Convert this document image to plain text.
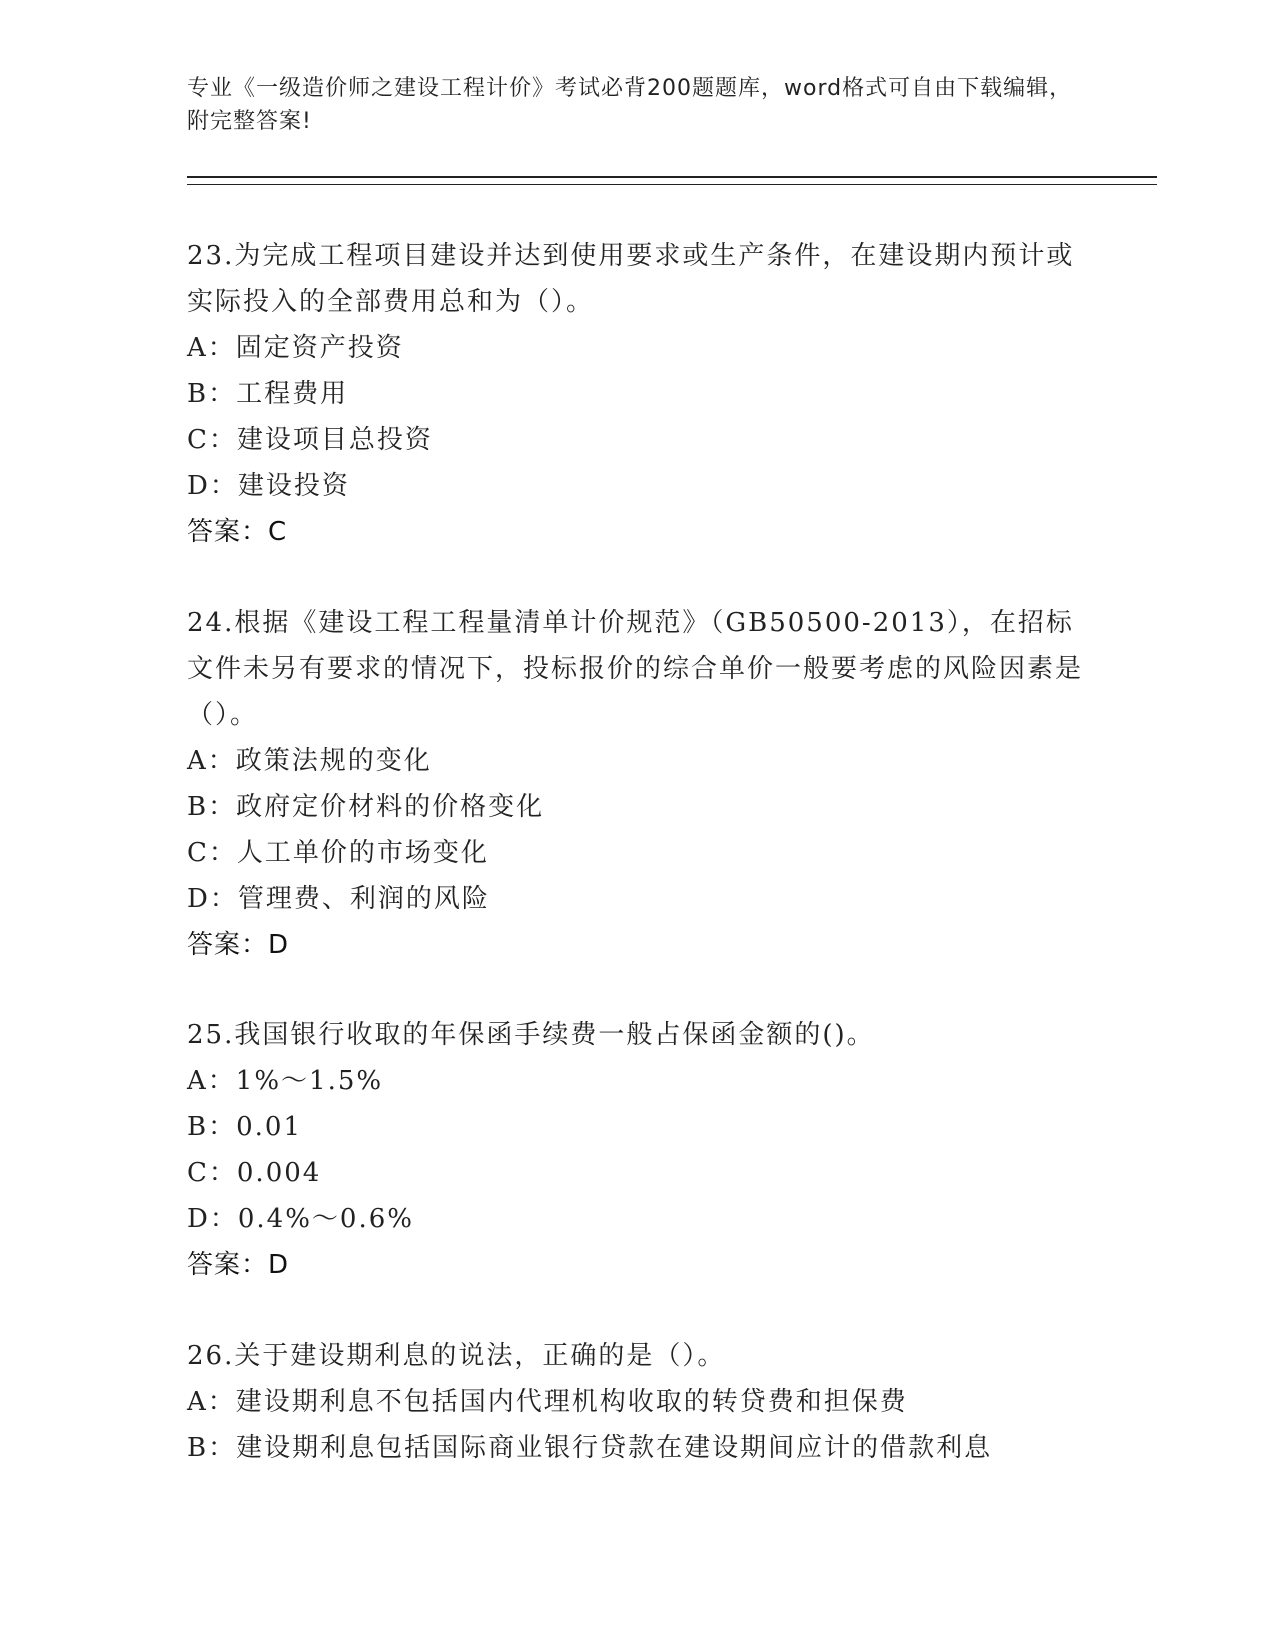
专业《一级造价师之建设工程计价》考试必背200题题库，word格式可自由下载编辑，附完整答案!
23.为完成工程项目建设并达到使用要求或生产条件，在建设期内预计或实际投入的全部费用总和为（）。
A：固定资产投资
B：工程费用
C：建设项目总投资
D：建设投资
答案：C
24.根据《建设工程工程量清单计价规范》（GB50500-2013），在招标文件未另有要求的情况下，投标报价的综合单价一般要考虑的风险因素是（）。
A：政策法规的变化
B：政府定价材料的价格变化
C：人工单价的市场变化
D：管理费、利润的风险
答案：D
25.我国银行收取的年保函手续费一般占保函金额的()。
A：1%～1.5%
B：0.01
C：0.004
D：0.4%～0.6%
答案：D
26.关于建设期利息的说法，正确的是（）。
A：建设期利息不包括国内代理机构收取的转贷费和担保费
B：建设期利息包括国际商业银行贷款在建设期间应计的借款利息
